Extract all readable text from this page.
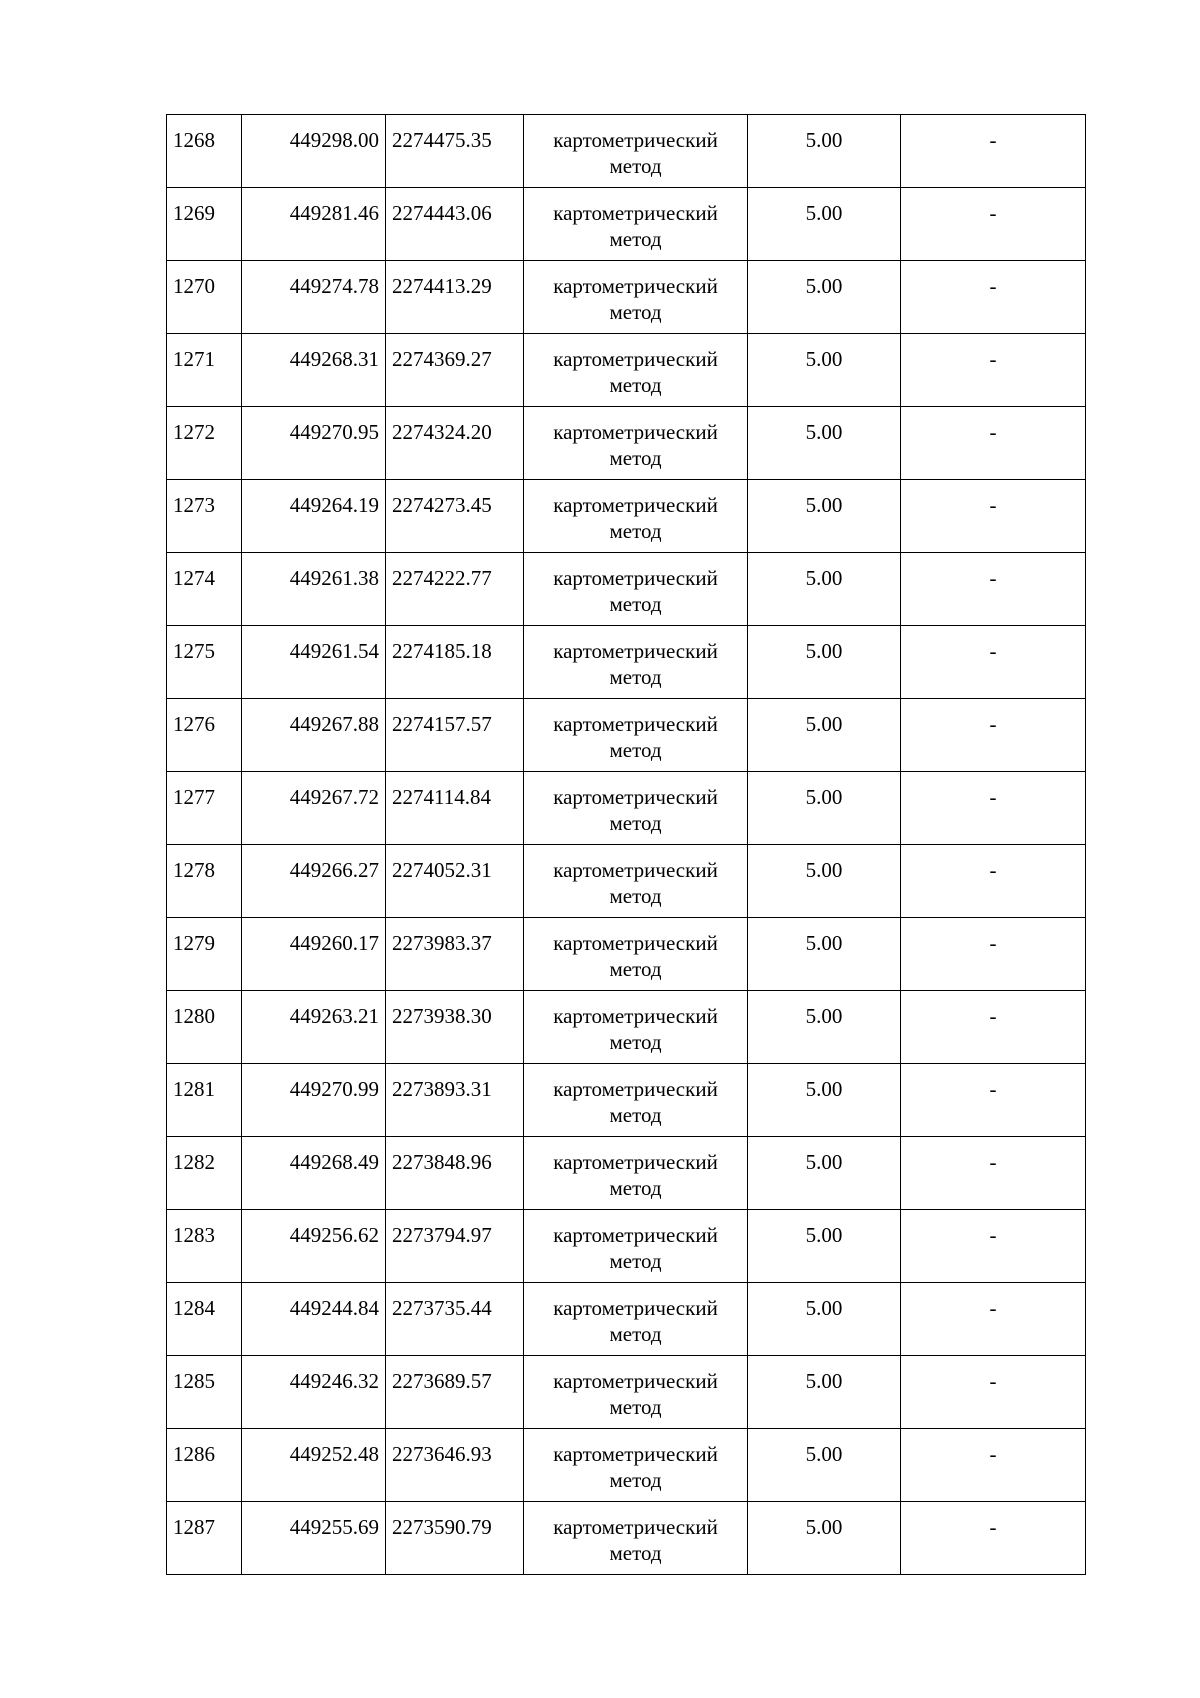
1268	449298.00	2274475.35	картометрический метод	5.00	-
1269	449281.46	2274443.06	картометрический метод	5.00	-
1270	449274.78	2274413.29	картометрический метод	5.00	-
1271	449268.31	2274369.27	картометрический метод	5.00	-
1272	449270.95	2274324.20	картометрический метод	5.00	-
1273	449264.19	2274273.45	картометрический метод	5.00	-
1274	449261.38	2274222.77	картометрический метод	5.00	-
1275	449261.54	2274185.18	картометрический метод	5.00	-
1276	449267.88	2274157.57	картометрический метод	5.00	-
1277	449267.72	2274114.84	картометрический метод	5.00	-
1278	449266.27	2274052.31	картометрический метод	5.00	-
1279	449260.17	2273983.37	картометрический метод	5.00	-
1280	449263.21	2273938.30	картометрический метод	5.00	-
1281	449270.99	2273893.31	картометрический метод	5.00	-
1282	449268.49	2273848.96	картометрический метод	5.00	-
1283	449256.62	2273794.97	картометрический метод	5.00	-
1284	449244.84	2273735.44	картометрический метод	5.00	-
1285	449246.32	2273689.57	картометрический метод	5.00	-
1286	449252.48	2273646.93	картометрический метод	5.00	-
1287	449255.69	2273590.79	картометрический метод	5.00	-
